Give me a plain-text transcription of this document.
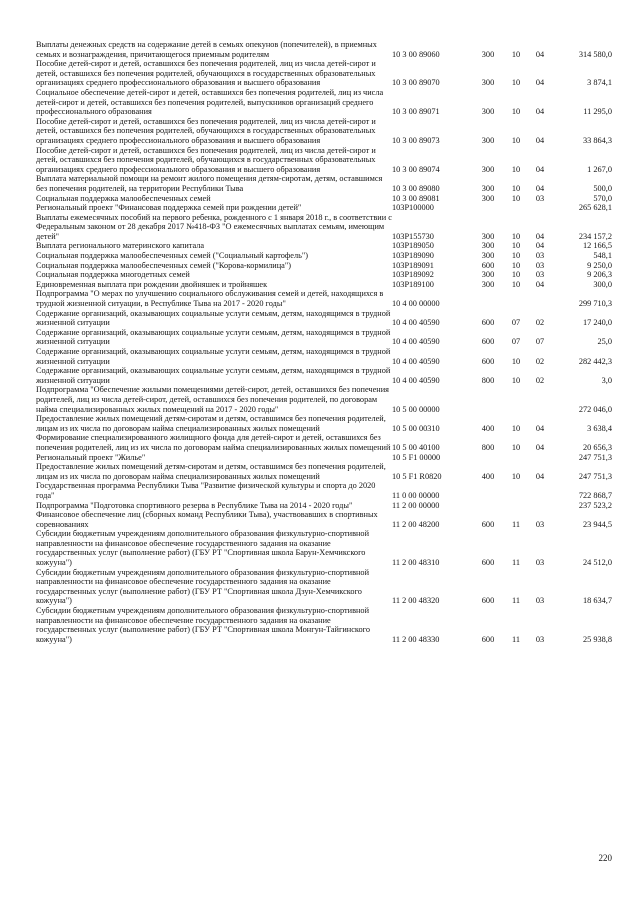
Выплаты денежных средств на содержание детей в семьях опекунов (попечителей), в приемных семьях и вознаграждения, причитающегося приемным родителям	10 3 00 89060	300	10	04	314 580,0
Пособие детей-сирот и детей, оставшихся без попечения родителей, лиц из числа детей-сирот и детей, оставшихся без попечения родителей, обучающихся в государственных образовательных организациях среднего профессионального образования и высшего образования	10 3 00 89070	300	10	04	3 874,1
Социальное обеспечение детей-сирот и детей, оставшихся без попечения родителей, лиц из числа детей-сирот и детей, оставшихся без попечения родителей, выпускников организаций среднего профессионального образования	10 3 00 89071	300	10	04	11 295,0
Пособие детей-сирот и детей, оставшихся без попечения родителей, лиц из числа детей-сирот и детей, оставшихся без попечения родителей, обучающихся в государственных образовательных организациях среднего профессионального образования и высшего образования	10 3 00 89073	300	10	04	33 864,3
Пособие детей-сирот и детей, оставшихся без попечения родителей, лиц из числа детей-сирот и детей, оставшихся без попечения родителей, обучающихся в государственных образовательных организациях среднего профессионального образования и высшего образования	10 3 00 89074	300	10	04	1 267,0
Выплата материальной помощи на ремонт жилого помещения детям-сиротам, детям, оставшимся без попечения родителей, на территории Республики Тыва	10 3 00 89080	300	10	04	500,0
Социальная поддержка малообеспеченных семей	10 3 00 89081	300	10	03	570,0
Региональный проект "Финансовая поддержка семей при рождении детей"	103P100000				265 628,1
Выплаты ежемесячных пособий на первого ребенка, рожденного с 1 января 2018 г., в соответствии с Федеральным законом от 28 декабря 2017 №418-ФЗ "О ежемесячных выплатах семьям, имеющим детей"	103P155730	300	10	04	234 157,2
Выплата регионального материнского капитала	103P189050	300	10	04	12 166,5
Социальная поддержка малообеспеченных семей ("Социальный картофель")	103P189090	300	10	03	548,1
Социальная поддержка малообеспеченных семей ("Корова-кормилица")	103P189091	600	10	03	9 250,0
Социальная поддержка многодетных семей	103P189092	300	10	03	9 206,3
Единовременная выплата при рождении двойняшек и тройняшек	103P189100	300	10	04	300,0
Подпрограмма "О мерах по улучшению социального обслуживания семей и детей, находящихся в трудной жизненной ситуации, в Республике Тыва на 2017 - 2020 годы"	10 4 00 00000				299 710,3
Содержание организаций, оказывающих социальные услуги семьям, детям, находящимся в трудной жизненной ситуации	10 4 00 40590	600	07	02	17 240,0
Содержание организаций, оказывающих социальные услуги семьям, детям, находящимся в трудной жизненной ситуации	10 4 00 40590	600	07	07	25,0
Содержание организаций, оказывающих социальные услуги семьям, детям, находящимся в трудной жизненной ситуации	10 4 00 40590	600	10	02	282 442,3
Содержание организаций, оказывающих социальные услуги семьям, детям, находящимся в трудной жизненной ситуации	10 4 00 40590	800	10	02	3,0
Подпрограмма "Обеспечение жилыми помещениями детей-сирот, детей, оставшихся без попечения родителей, лиц из числа детей-сирот, детей, оставшихся без попечения родителей, по договорам найма специализированных жилых помещений на 2017 - 2020 годы"	10 5 00 00000				272 046,0
Предоставление жилых помещений детям-сиротам и детям, оставшимся без попечения родителей, лицам из их числа по договорам найма специализированных жилых помещений	10 5 00 00310	400	10	04	3 638,4
Формирование специализированного жилищного фонда для детей-сирот и детей, оставшихся без попечения родителей, лиц из их числа по договорам найма специализированных жилых помещений	10 5 00 40100	800	10	04	20 656,3
Региональный проект "Жилье"	10 5 F1 00000				247 751,3
Предоставление жилых помещений детям-сиротам и детям, оставшимся без попечения родителей, лицам из их числа по договорам найма специализированных жилых помещений	10 5 F1 R0820	400	10	04	247 751,3
Государственная программа Республики Тыва "Развитие физической культуры и спорта до 2020 года"	11 0 00 00000				722 868,7
Подпрограмма "Подготовка спортивного резерва в Республике Тыва на 2014 - 2020 годы"	11 2 00 00000				237 523,2
Финансовое обеспечение лиц (сборных команд Республики Тыва), участвовавших в спортивных соревнованиях	11 2 00 48200	600	11	03	23 944,5
Субсидии бюджетным учреждениям дополнительного образования физкультурно-спортивной направленности на финансовое обеспечение государственного задания на оказание государственных услуг (выполнение работ) (ГБУ РТ "Спортивная школа Барун-Хемчикского кожууна")	11 2 00 48310	600	11	03	24 512,0
Субсидии бюджетным учреждениям дополнительного образования физкультурно-спортивной направленности на финансовое обеспечение государственного задания на оказание государственных услуг (выполнение работ) (ГБУ РТ "Спортивная школа Дзун-Хемчикского кожууна")	11 2 00 48320	600	11	03	18 634,7
Субсидии бюджетным учреждениям дополнительного образования физкультурно-спортивной направленности на финансовое обеспечение государственного задания на оказание государственных услуг (выполнение работ) (ГБУ РТ "Спортивная школа Монгун-Тайгинского кожууна")	11 2 00 48330	600	11	03	25 938,8
220
